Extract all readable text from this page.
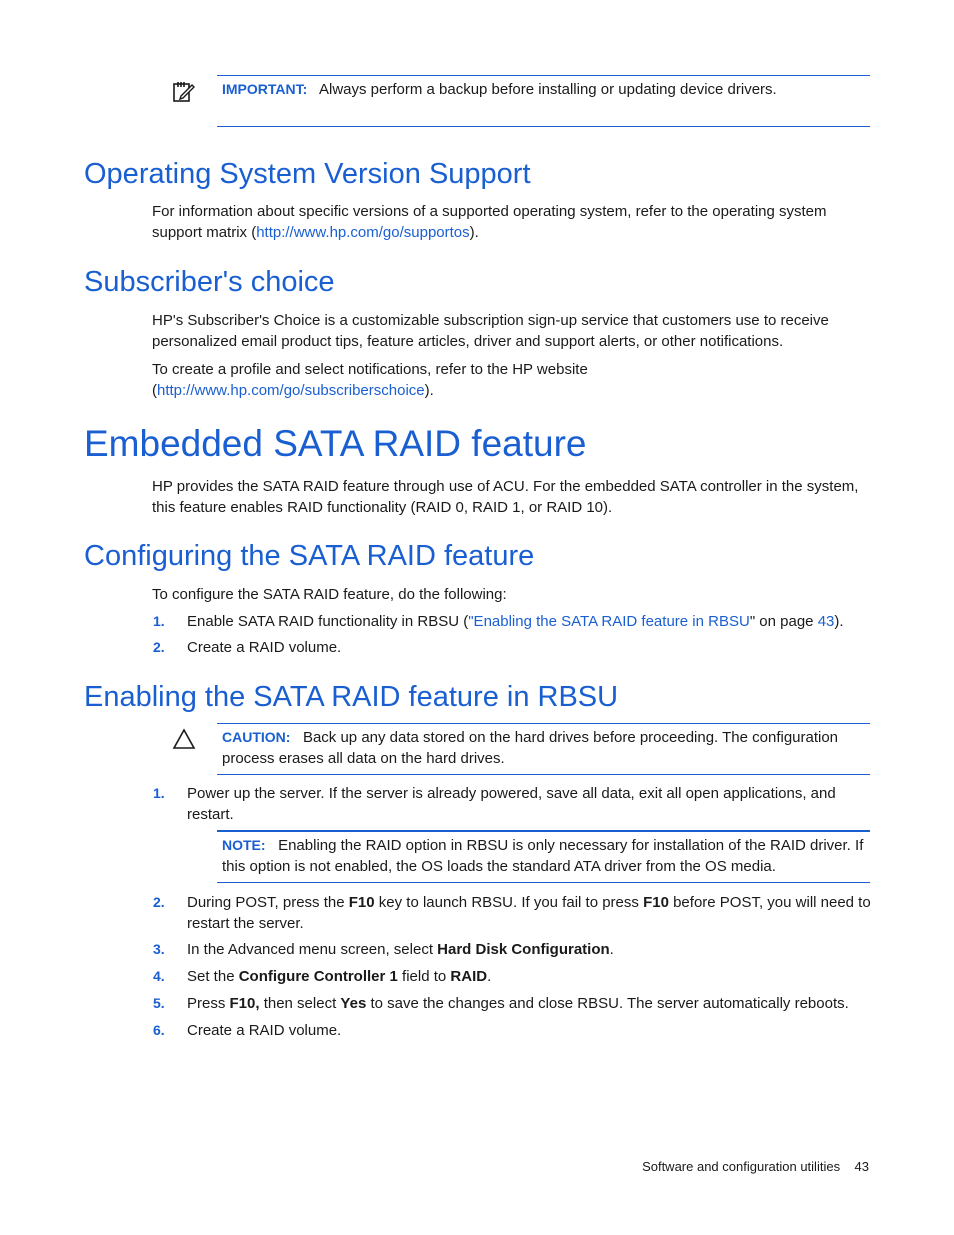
IMPORTANT: Always perform a backup before installing or updating device drivers.
Operating System Version Support
For information about specific versions of a supported operating system, refer to the operating system support matrix (http://www.hp.com/go/supportos).
Subscriber's choice
HP's Subscriber's Choice is a customizable subscription sign-up service that customers use to receive personalized email product tips, feature articles, driver and support alerts, or other notifications.
To create a profile and select notifications, refer to the HP website
(http://www.hp.com/go/subscriberschoice).
Embedded SATA RAID feature
HP provides the SATA RAID feature through use of ACU. For the embedded SATA controller in the system, this feature enables RAID functionality (RAID 0, RAID 1, or RAID 10).
Configuring the SATA RAID feature
To configure the SATA RAID feature, do the following:
1. Enable SATA RAID functionality in RBSU ("Enabling the SATA RAID feature in RBSU" on page 43).
2. Create a RAID volume.
Enabling the SATA RAID feature in RBSU
CAUTION: Back up any data stored on the hard drives before proceeding. The configuration process erases all data on the hard drives.
1. Power up the server. If the server is already powered, save all data, exit all open applications, and restart.
NOTE: Enabling the RAID option in RBSU is only necessary for installation of the RAID driver. If this option is not enabled, the OS loads the standard ATA driver from the OS media.
2. During POST, press the F10 key to launch RBSU. If you fail to press F10 before POST, you will need to restart the server.
3. In the Advanced menu screen, select Hard Disk Configuration.
4. Set the Configure Controller 1 field to RAID.
5. Press F10, then select Yes to save the changes and close RBSU. The server automatically reboots.
6. Create a RAID volume.
Software and configuration utilities 43
